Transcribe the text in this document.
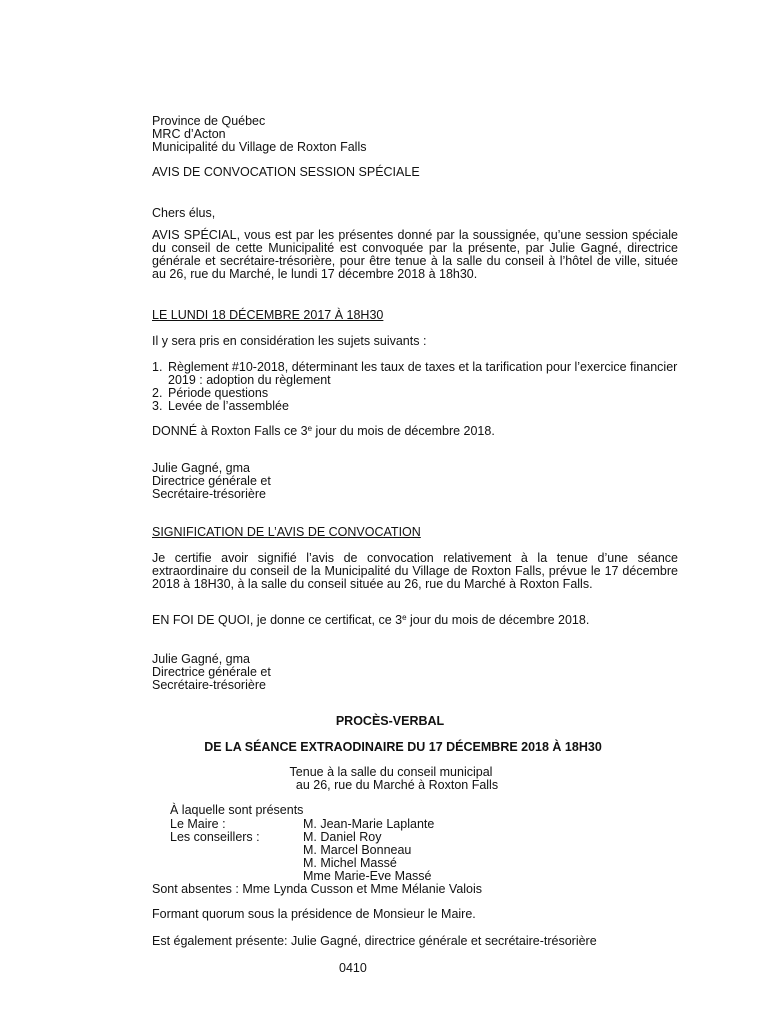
Province de Québec
MRC d’Acton
Municipalité du Village de Roxton Falls
AVIS DE CONVOCATION SESSION SPÉCIALE
Chers élus,
AVIS SPÉCIAL, vous est par les présentes donné par la soussignée, qu’une session spéciale du conseil de cette Municipalité est convoquée par la présente, par Julie Gagné, directrice générale et secrétaire-trésorière, pour être tenue à la salle du conseil à l’hôtel de ville, située au 26, rue du Marché, le lundi 17 décembre 2018 à 18h30.
LE LUNDI 18 DÉCEMBRE 2017 À 18H30
Il y sera pris en considération les sujets suivants :
1. Règlement #10-2018, déterminant les taux de taxes et la tarification pour l’exercice financier 2019 : adoption du règlement
2. Période questions
3. Levée de l’assemblée
DONNÉ à Roxton Falls ce 3e jour du mois de décembre 2018.
Julie Gagné, gma
Directrice générale et
Secrétaire-trésorière
SIGNIFICATION DE L’AVIS DE CONVOCATION
Je certifie avoir signifié l’avis de convocation relativement à la tenue d’une séance extraordinaire du conseil de la Municipalité du Village de Roxton Falls, prévue le 17 décembre 2018 à 18H30, à la salle du conseil située au 26, rue du Marché à Roxton Falls.
EN FOI DE QUOI, je donne ce certificat, ce 3e jour du mois de décembre 2018.
Julie Gagné, gma
Directrice générale et
Secrétaire-trésorière
PROCÈS-VERBAL
DE LA SÉANCE EXTRAODINAIRE DU 17 DÉCEMBRE 2018 À 18H30
Tenue à la salle du conseil municipal
au 26, rue du Marché à Roxton Falls
À laquelle sont présents
Le Maire :	M. Jean-Marie Laplante
Les conseillers :	M. Daniel Roy
M. Marcel Bonneau
M. Michel Massé
Mme Marie-Eve Massé
Sont absentes : Mme Lynda Cusson et Mme Mélanie Valois
Formant quorum sous la présidence de Monsieur le Maire.
Est également présente: Julie Gagné, directrice générale et secrétaire-trésorière
0410
